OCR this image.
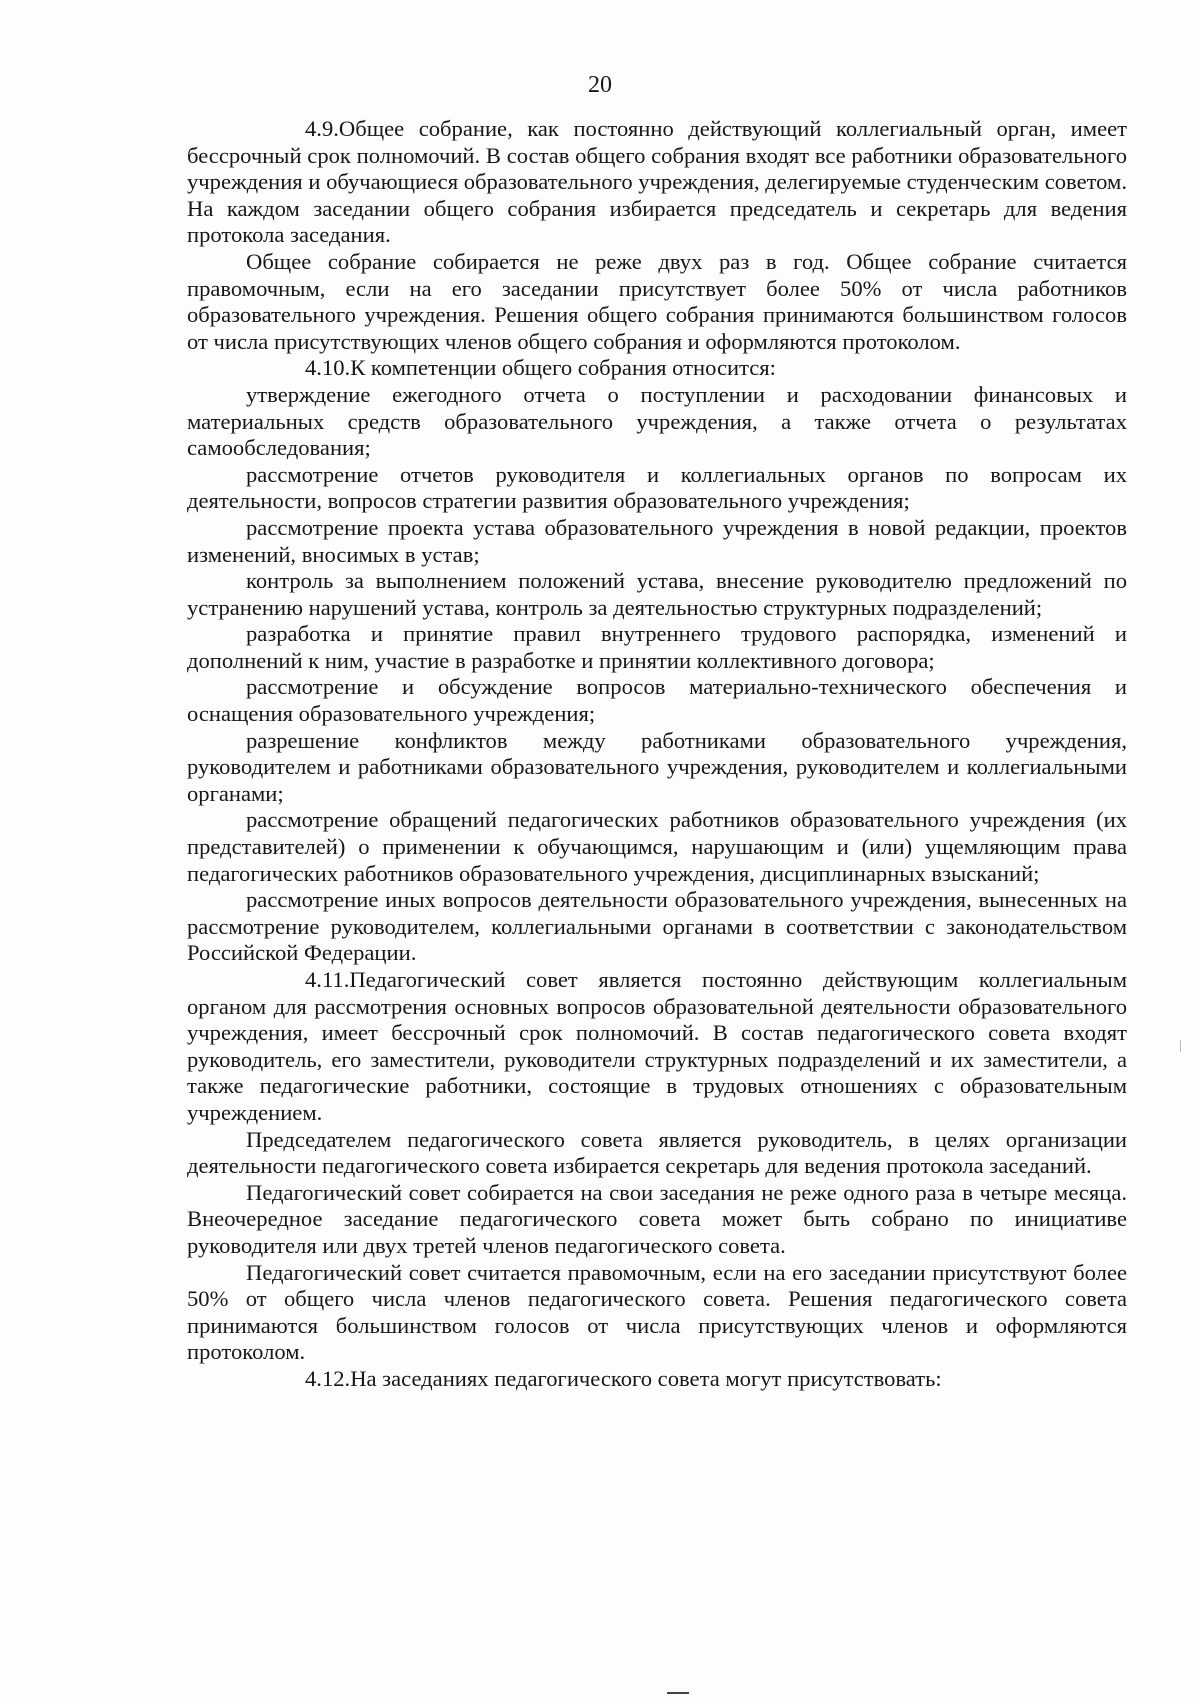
20

4.9.Общее собрание, как постоянно действующий коллегиальный орган, имеет бессрочный срок полномочий. В состав общего собрания входят все работники образовательного учреждения и обучающиеся образовательного учреждения, делегируемые студенческим советом. На каждом заседании общего собрания избирается председатель и секретарь для ведения протокола заседания.

Общее собрание собирается не реже двух раз в год. Общее собрание считается правомочным, если на его заседании присутствует более 50% от числа работников образовательного учреждения. Решения общего собрания принимаются большинством голосов от числа присутствующих членов общего собрания и оформляются протоколом.

4.10.К компетенции общего собрания относится:

утверждение ежегодного отчета о поступлении и расходовании финансовых и материальных средств образовательного учреждения, а также отчета о результатах самообследования;

рассмотрение отчетов руководителя и коллегиальных органов по вопросам их деятельности, вопросов стратегии развития образовательного учреждения;

рассмотрение проекта устава образовательного учреждения в новой редакции, проектов изменений, вносимых в устав;

контроль за выполнением положений устава, внесение руководителю предложений по устранению нарушений устава, контроль за деятельностью структурных подразделений;

разработка и принятие правил внутреннего трудового распорядка, изменений и дополнений к ним, участие в разработке и принятии коллективного договора;

рассмотрение и обсуждение вопросов материально-технического обеспечения и оснащения образовательного учреждения;

разрешение конфликтов между работниками образовательного учреждения, руководителем и работниками образовательного учреждения, руководителем и коллегиальными органами;

рассмотрение обращений педагогических работников образовательного учреждения (их представителей) о применении к обучающимся, нарушающим и (или) ущемляющим права педагогических работников образовательного учреждения, дисциплинарных взысканий;

рассмотрение иных вопросов деятельности образовательного учреждения, вынесенных на рассмотрение руководителем, коллегиальными органами в соответствии с законодательством Российской Федерации.

4.11.Педагогический совет является постоянно действующим коллегиальным органом для рассмотрения основных вопросов образовательной деятельности образовательного учреждения, имеет бессрочный срок полномочий. В состав педагогического совета входят руководитель, его заместители, руководители структурных подразделений и их заместители, а также педагогические работники, состоящие в трудовых отношениях с образовательным учреждением.

Председателем педагогического совета является руководитель, в целях организации деятельности педагогического совета избирается секретарь для ведения протокола заседаний.

Педагогический совет собирается на свои заседания не реже одного раза в четыре месяца. Внеочередное заседание педагогического совета может быть собрано по инициативе руководителя или двух третей членов педагогического совета.

Педагогический совет считается правомочным, если на его заседании присутствуют более 50% от общего числа членов педагогического совета. Решения педагогического совета принимаются большинством голосов от числа присутствующих членов и оформляются протоколом.

4.12.На заседаниях педагогического совета могут присутствовать:
